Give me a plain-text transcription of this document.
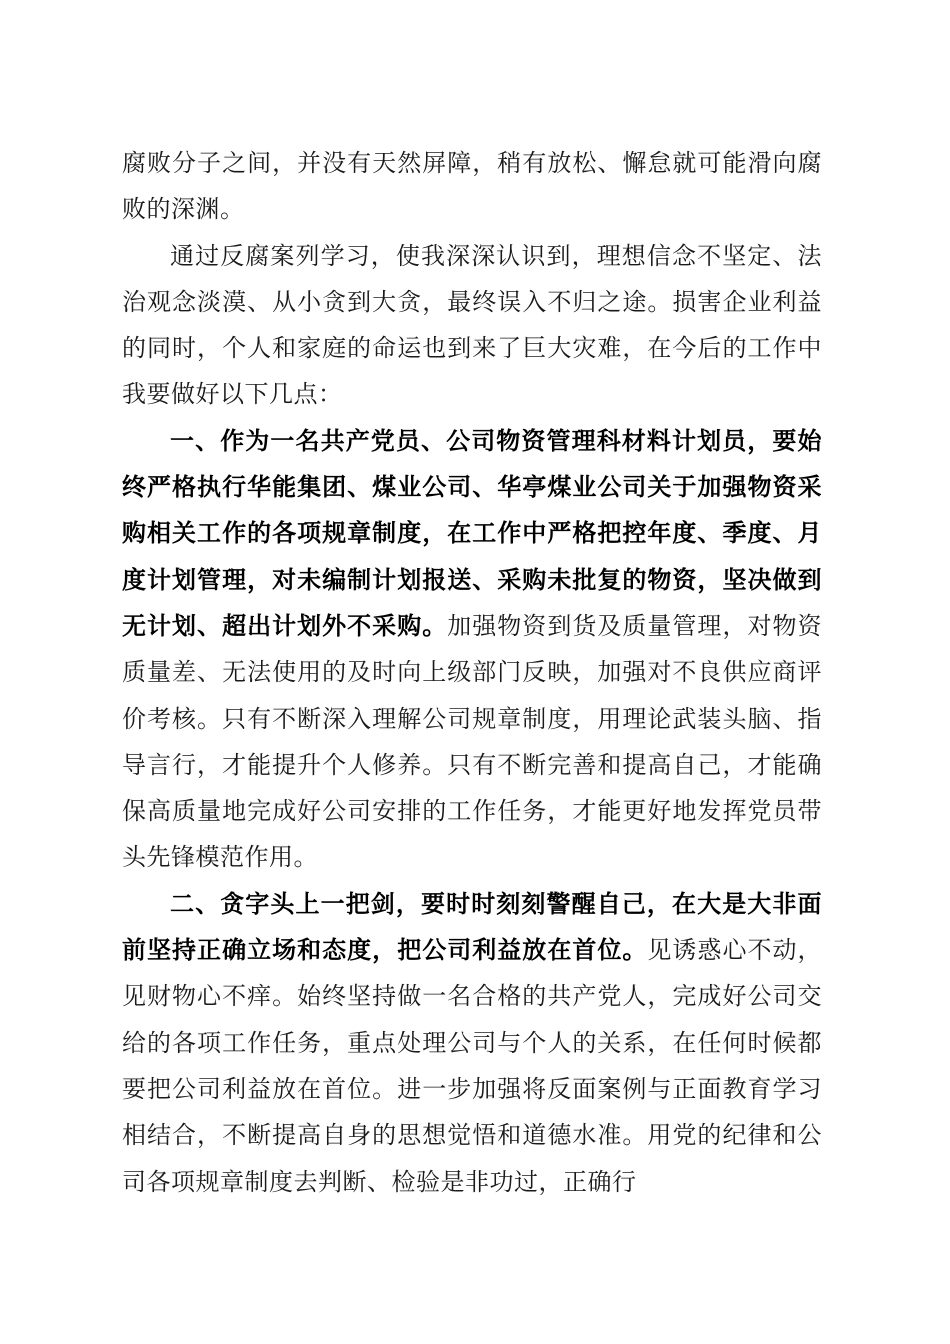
腐败分子之间，并没有天然屏障，稍有放松、懈怠就可能滑向腐败的深渊。

通过反腐案列学习，使我深深认识到，理想信念不坚定、法治观念淡漠、从小贪到大贪，最终误入不归之途。损害企业利益的同时，个人和家庭的命运也到来了巨大灾难，在今后的工作中我要做好以下几点：

一、作为一名共产党员、公司物资管理科材料计划员，要始终严格执行华能集团、煤业公司、华亭煤业公司关于加强物资采购相关工作的各项规章制度，在工作中严格把控年度、季度、月度计划管理，对未编制计划报送、采购未批复的物资，坚决做到无计划、超出计划外不采购。加强物资到货及质量管理，对物资质量差、无法使用的及时向上级部门反映，加强对不良供应商评价考核。只有不断深入理解公司规章制度，用理论武装头脑、指导言行，才能提升个人修养。只有不断完善和提高自己，才能确保高质量地完成好公司安排的工作任务，才能更好地发挥党员带头先锋模范作用。

二、贪字头上一把剑，要时时刻刻警醒自己，在大是大非面前坚持正确立场和态度，把公司利益放在首位。见诱惑心不动，见财物心不痒。始终坚持做一名合格的共产党人，完成好公司交给的各项工作任务，重点处理公司与个人的关系，在任何时候都要把公司利益放在首位。进一步加强将反面案例与正面教育学习相结合，不断提高自身的思想觉悟和道德水准。用党的纪律和公司各项规章制度去判断、检验是非功过，正确行
